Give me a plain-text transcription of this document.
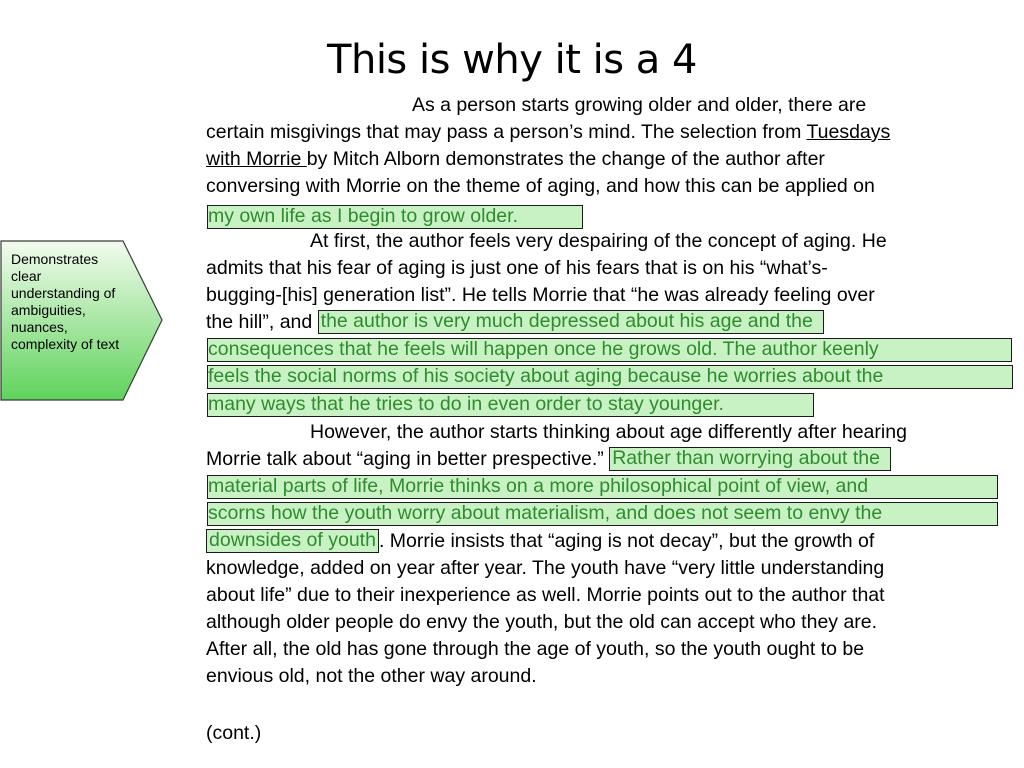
This is why it is a 4
Demonstrates clear understanding of ambiguities, nuances, complexity of text
As a person starts growing older and older, there are
certain misgivings that may pass a person’s mind. The selection from Tuesdays
with Morrie by Mitch Alborn demonstrates the change of the author after
conversing with Morrie on the theme of aging, and how this can be applied on
my own life as I begin to grow older.
At first, the author feels very despairing of the concept of aging. He
admits that his fear of aging is just one of his fears that is on his “what’s-
bugging-[his] generation list”. He tells Morrie that “he was already feeling over
the hill”, and the author is very much depressed about his age and the
consequences that he feels will happen once he grows old. The author keenly
feels the social norms of his society about aging because he worries about the
many ways that he tries to do in even order to stay younger.
However, the author starts thinking about age differently after hearing
Morrie talk about “aging in better prespective.” Rather than worrying about the
material parts of life, Morrie thinks on a more philosophical point of view, and
scorns how the youth worry about materialism, and does not seem to envy the
downsides of youth . Morrie insists that “aging is not decay”, but the growth of
knowledge, added on year after year. The youth have “very little understanding
about life” due to their inexperience as well. Morrie points out to the author that
although older people do envy the youth, but the old can accept who they are.
After all, the old has gone through the age of youth, so the youth ought to be
envious old, not the other way around.
(cont.)
